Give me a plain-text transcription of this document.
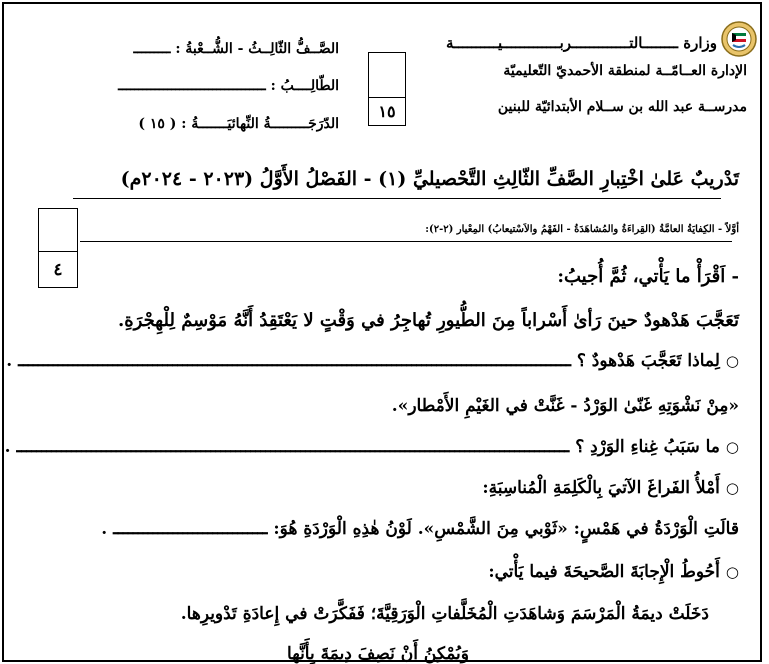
وزارة ــــــــالتـــــــــــــربـــــــــــــيــــــــــة
الإدارة العــامّــة لمنطقة الأحمديّ التّعليميّة
مدرســة عبد الله بن ســلام الأبتدائيّة للبنين
١٥
الصَّــفُّ الثّالِــثُ - الشُّــعْبةُ : ـــــــــ
الطّالِــــبُ : ــــــــــــــــــــــــــــــــــــ
الدّرَجَـــــــــةُ النِّهائيَـــــــةُ : ( ١٥ )
تَدْريبٌ عَلىٰ اخْتِبارِ الصَّفِّ الثّالِثِ التَّحْصيليِّ (١) - الفَصْلُ الأَوَّلُ (٢٠٢٣ - ٢٠٢٤م)
٤
أوَّلاً - الكِفايَةُ العامَّةُ (القِراءَةُ والمُشاهَدَةُ - الفَهْمُ والاَسْتيعابُ) المِعْيار (٢-٢):
- اَقْرَأْ ما يَأْتي، ثُمَّ أُجيبُ:
تَعَجَّبَ هَدْهودٌ حينَ رَأىٰ أَسْراباً مِنَ الطُّيورِ تُهاجِرُ في وَقْتٍ لا يَعْتَقِدُ أَنَّهُ مَوْسِمٌ لِلْهِجْرَةِ.
○لِماذا تَعَجَّبَ هَدْهودٌ ؟ ـــــــــــــــــــــــــــــــــــــــــــــــــــــــــــــــــــــــــــــــــــــــــــــــــــــــــــــــ .
«مِنْ نَشْوَتِهِ غَنّىٰ الوَرْدُ - غَنَّتْ في الغَيْمِ الأَمْطار».
○ما سَبَبُ غِناءِ الوَرْدِ ؟ ـــــــــــــــــــــــــــــــــــــــــــــــــــــــــــــــــــــــــــــــــــــــــــــــــــــــــــــــ .
○أَمْلأُ الفَراغَ الآتيَ بِالْكَلِمَةِ الْمُناسِبَةِ:
قالَتِ الْوَرْدَةُ في هَمْسٍ: «ثَوْبي مِنَ الشَّمْسِ». لَوْنُ هٰذِهِ الْوَرْدَةِ هُوَ: ـــــــــــــــــــــــــــــــ .
○أَحُوطُ الْإِجابَةَ الصَّحيحَةَ فيما يَأْتي:
دَخَلَتْ ديمَةُ الْمَرْسَمَ وَشاهَدَتِ الْمُخَلَّفاتِ الْوَرَقِيَّةَ؛ فَفَكَّرَتْ في إِعادَةِ تَدْويرِها.
وَيُمْكِنُ أَنْ نَصِفَ دِيمَةَ بِأَنَّها
